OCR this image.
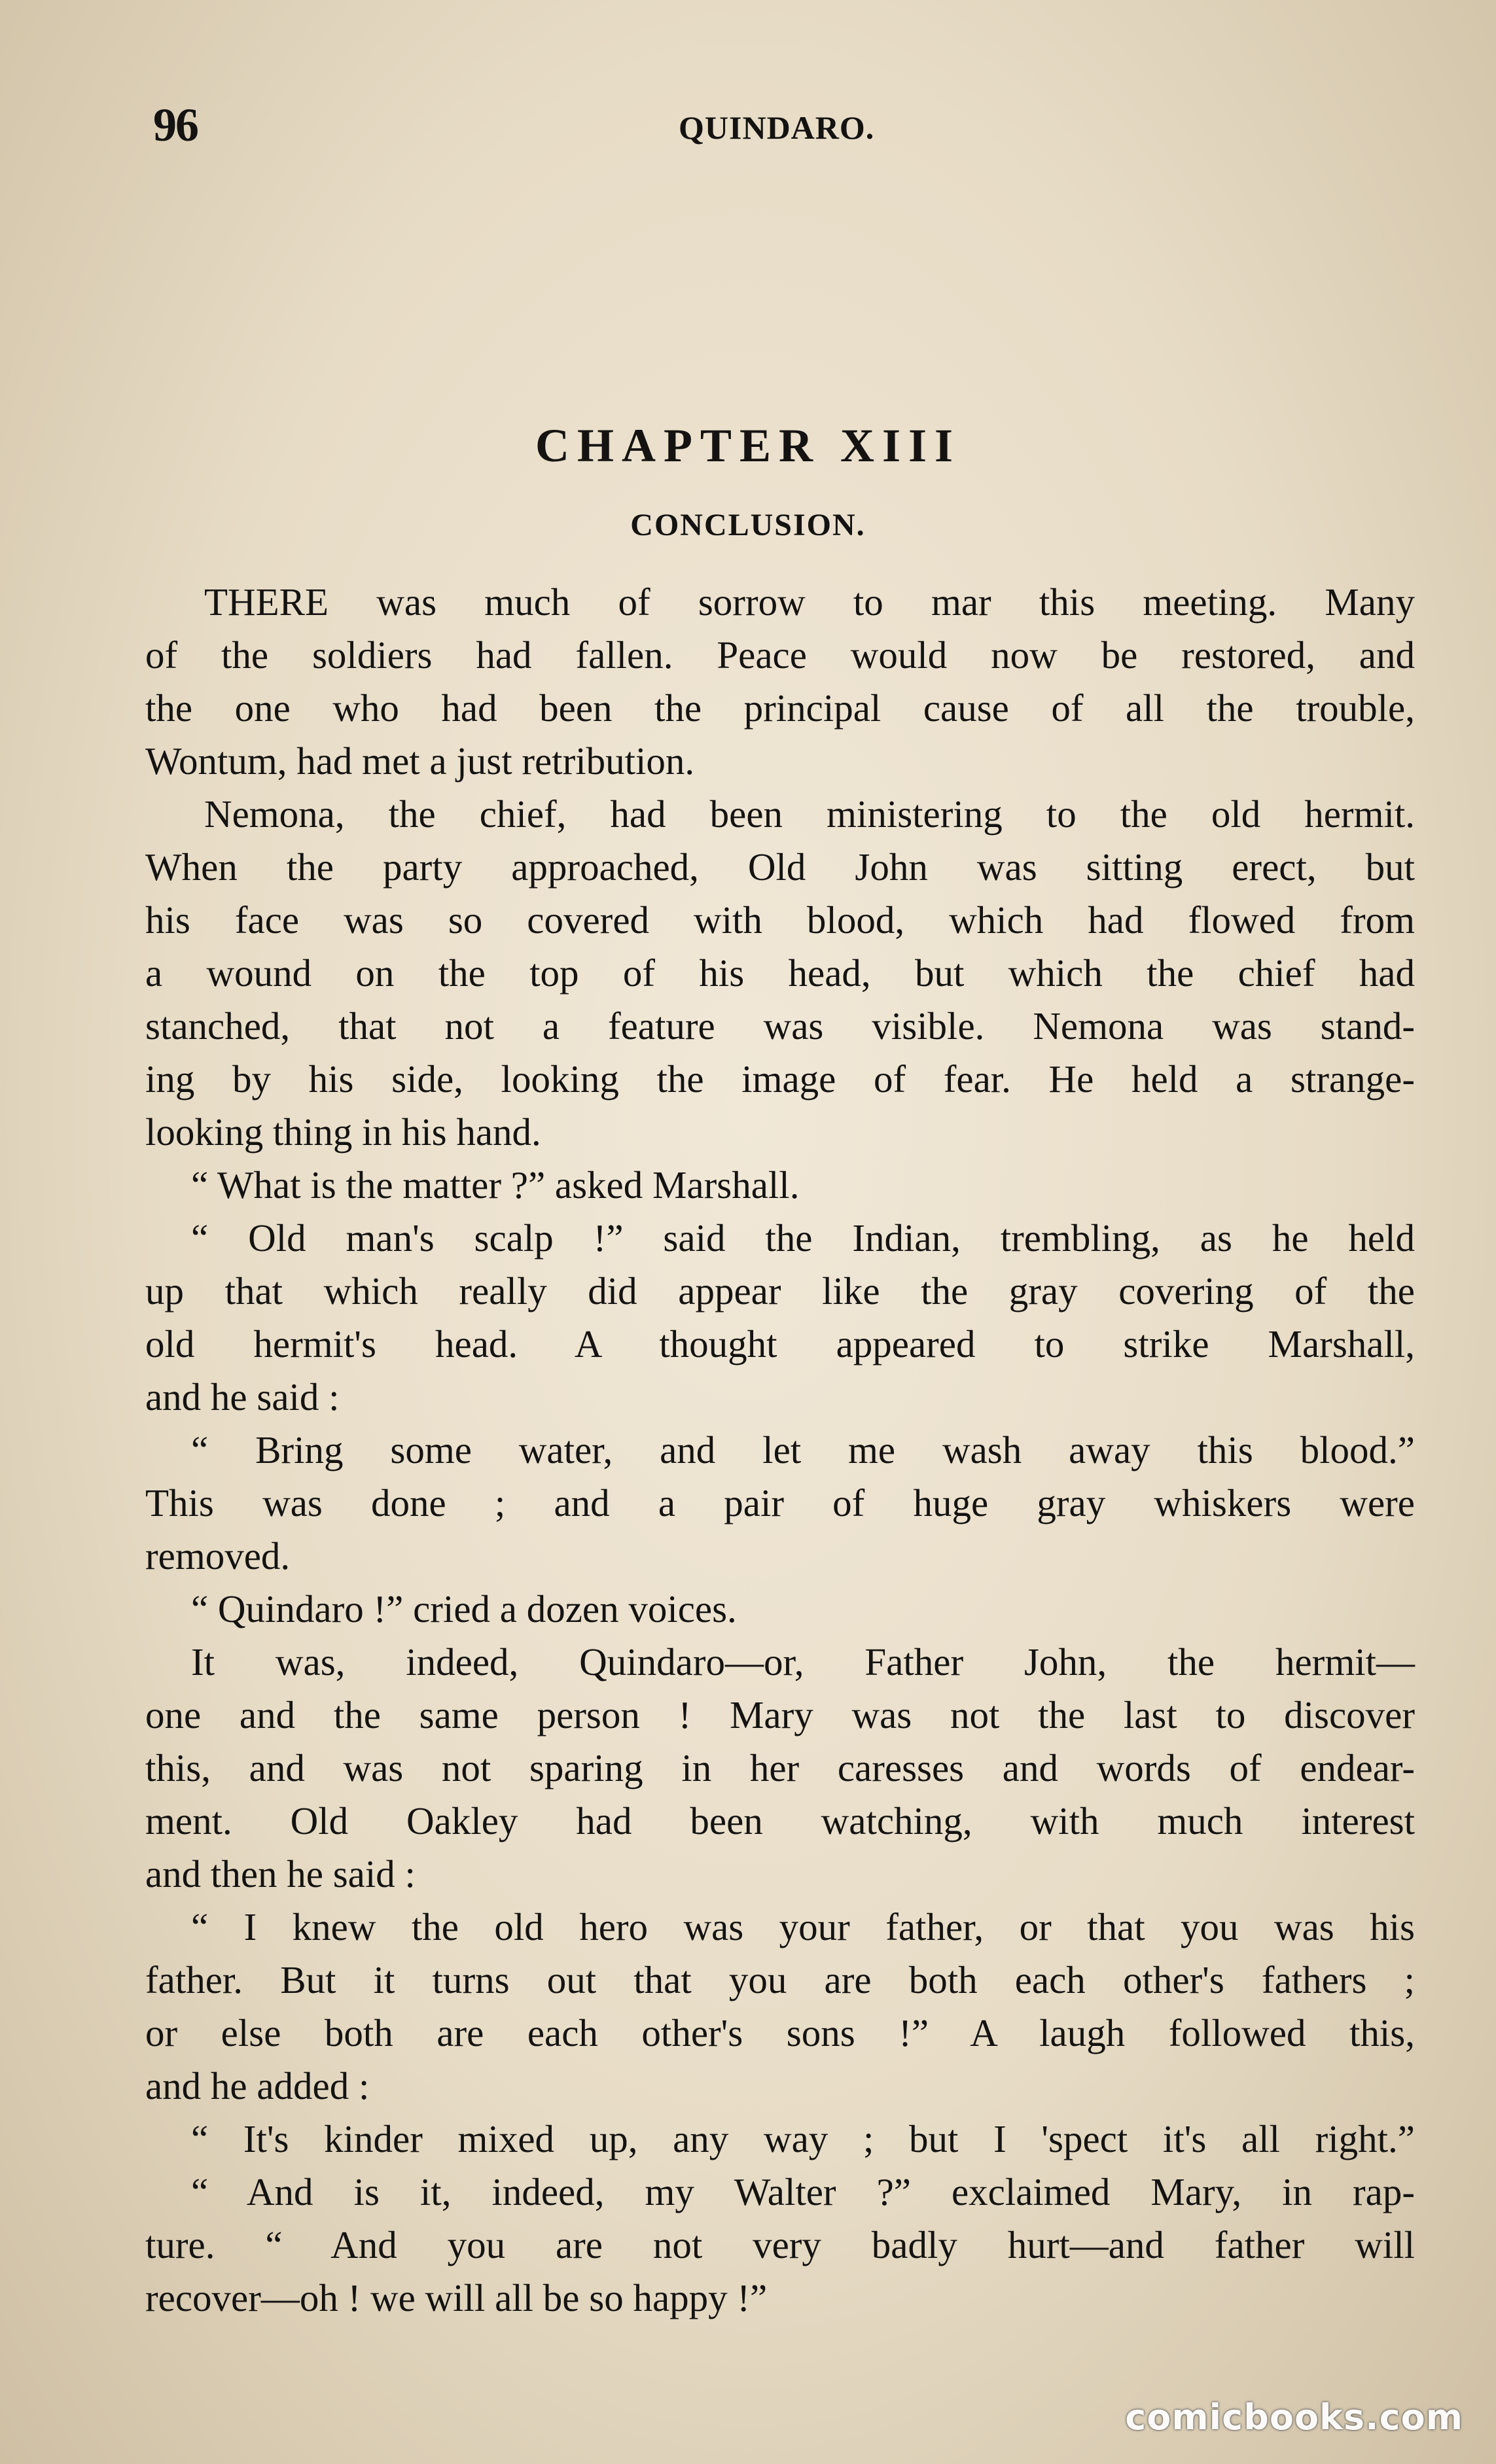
96	QUINDARO.
CHAPTER XIII
CONCLUSION.
THERE was much of sorrow to mar this meeting. Many
of the soldiers had fallen. Peace would now be restored, and
the one who had been the principal cause of all the trouble,
Wontum, had met a just retribution.
Nemona, the chief, had been ministering to the old hermit.
When the party approached, Old John was sitting erect, but
his face was so covered with blood, which had flowed from
a wound on the top of his head, but which the chief had
stanched, that not a feature was visible. Nemona was stand-
ing by his side, looking the image of fear. He held a strange-
looking thing in his hand.
“ What is the matter ?” asked Marshall.
“ Old man's scalp !” said the Indian, trembling, as he held
up that which really did appear like the gray covering of the
old hermit's head. A thought appeared to strike Marshall,
and he said :
“ Bring some water, and let me wash away this blood.”
This was done ; and a pair of huge gray whiskers were
removed.
“ Quindaro !” cried a dozen voices.
It was, indeed, Quindaro—or, Father John, the hermit—
one and the same person ! Mary was not the last to discover
this, and was not sparing in her caresses and words of endear-
ment. Old Oakley had been watching, with much interest
and then he said :
“ I knew the old hero was your father, or that you was his
father. But it turns out that you are both each other's fathers ;
or else both are each other's sons !” A laugh followed this,
and he added :
“ It's kinder mixed up, any way ; but I 'spect it's all right.”
“ And is it, indeed, my Walter ?” exclaimed Mary, in rap-
ture. “ And you are not very badly hurt—and father will
recover—oh ! we will all be so happy !”
comicbooks.com
